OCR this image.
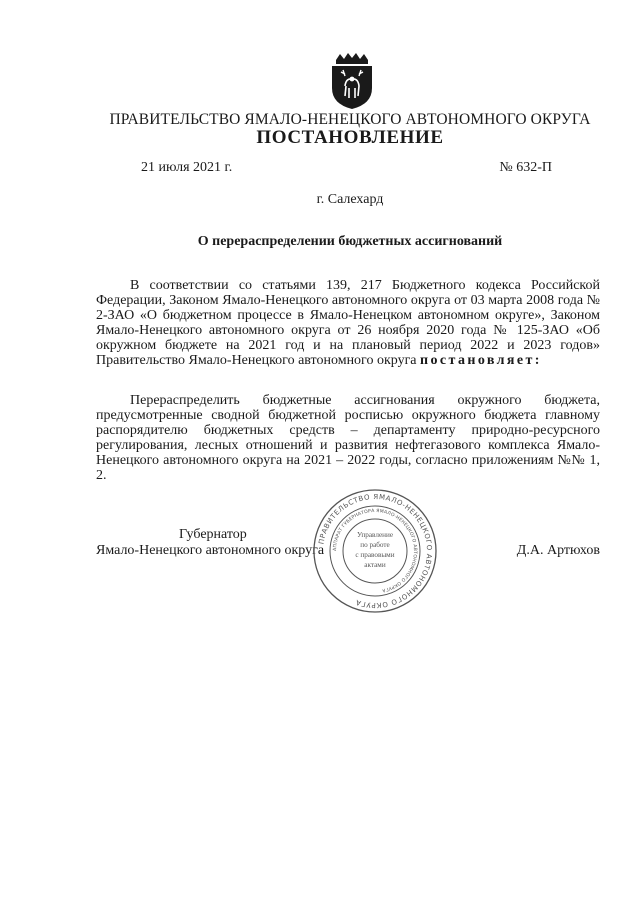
ПРАВИТЕЛЬСТВО ЯМАЛО-НЕНЕЦКОГО АВТОНОМНОГО ОКРУГА
ПОСТАНОВЛЕНИЕ
21 июля 2021 г.	№ 632-П
г. Салехард
О перераспределении бюджетных ассигнований
В соответствии со статьями 139, 217 Бюджетного кодекса Российской Федерации, Законом Ямало-Ненецкого автономного округа от 03 марта 2008 года № 2-ЗАО «О бюджетном процессе в Ямало-Ненецком автономном округе», Законом Ямало-Ненецкого автономного округа от 26 ноября 2020 года № 125-ЗАО «Об окружном бюджете на 2021 год и на плановый период 2022 и 2023 годов» Правительство Ямало-Ненецкого автономного округа постановляет:
Перераспределить бюджетные ассигнования окружного бюджета, предусмотренные сводной бюджетной росписью окружного бюджета главному распорядителю бюджетных средств – департаменту природно-ресурсного регулирования, лесных отношений и развития нефтегазового комплекса Ямало-Ненецкого автономного округа на 2021 – 2022 годы, согласно приложениям №№ 1, 2.
Губернатор
Ямало-Ненецкого автономного округа	Д.А. Артюхов
ПРАВИТЕЛЬСТВО ЯМАЛО-НЕНЕЦКОГО АВТОНОМНОГО ОКРУГА
АППАРАТ ГУБЕРНАТОРА ЯМАЛО-НЕНЕЦКОГО АВТОНОМНОГО ОКРУГА
Управление
по работе
с правовыми
актами
